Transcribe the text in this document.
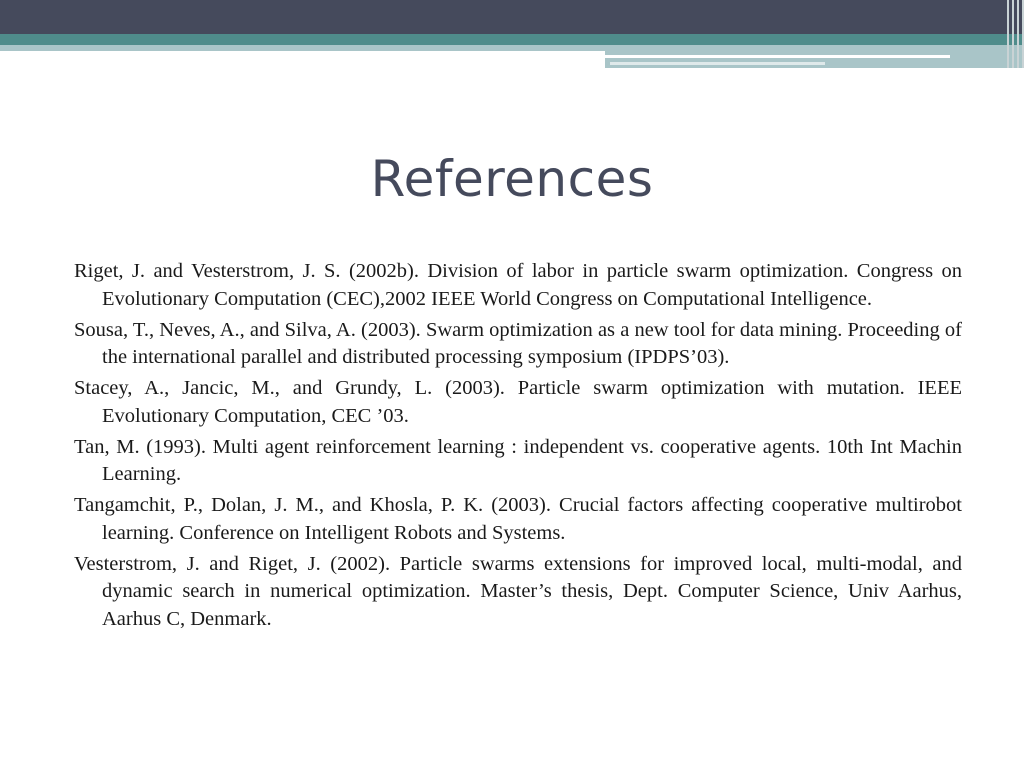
References
Riget, J. and Vesterstrom, J. S. (2002b). Division of labor in particle swarm optimization. Congress on Evolutionary Computation (CEC),2002 IEEE World Congress on Computational Intelligence.
Sousa, T., Neves, A., and Silva, A. (2003). Swarm optimization as a new tool for data mining. Proceeding of the international parallel and distributed processing symposium (IPDPS’03).
Stacey, A., Jancic, M., and Grundy, L. (2003). Particle swarm optimization with mutation. IEEE Evolutionary Computation, CEC ’03.
Tan, M. (1993). Multi agent reinforcement learning : independent vs. cooperative agents. 10th Int Machin Learning.
Tangamchit, P., Dolan, J. M., and Khosla, P. K. (2003). Crucial factors affecting cooperative multirobot learning. Conference on Intelligent Robots and Systems.
Vesterstrom, J. and Riget, J. (2002). Particle swarms extensions for improved local, multi-modal, and dynamic search in numerical optimization. Master’s thesis, Dept. Computer Science, Univ Aarhus, Aarhus C, Denmark.
